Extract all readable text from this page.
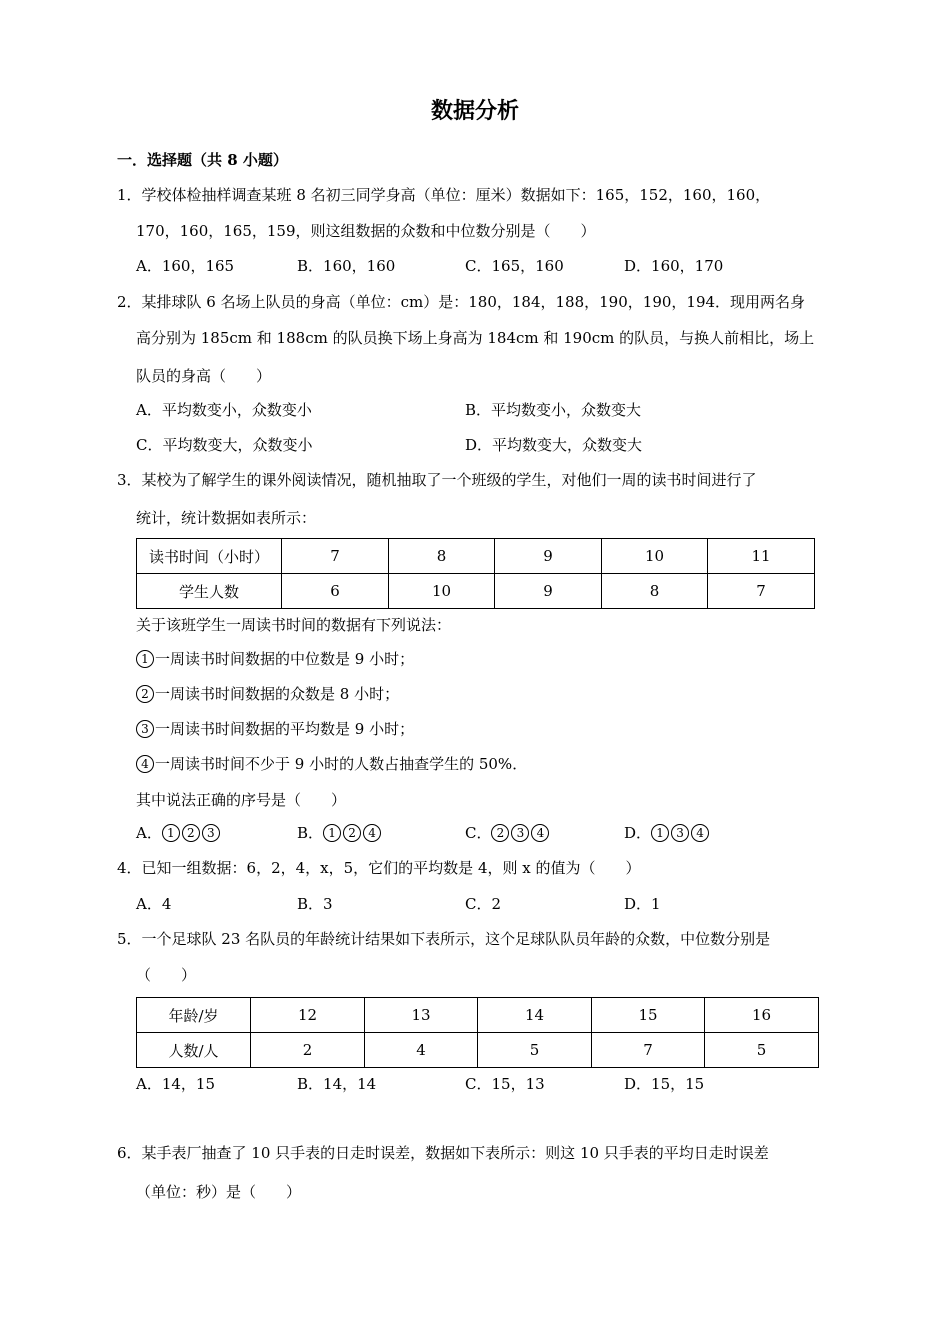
数据分析
一．选择题（共 8 小题）
1．学校体检抽样调查某班 8 名初三同学身高（单位：厘米）数据如下：165，152，160，160，
170，160，165，159，则这组数据的众数和中位数分别是（　　）
A．160，165	B．160，160	C．165，160	D．160，170
2．某排球队 6 名场上队员的身高（单位：cm）是：180，184，188，190，190，194．现用两名身
高分别为 185cm 和 188cm 的队员换下场上身高为 184cm 和 190cm 的队员，与换人前相比，场上
队员的身高（　　）
A．平均数变小，众数变小	B．平均数变小，众数变大
C．平均数变大，众数变小	D．平均数变大，众数变大
3．某校为了解学生的课外阅读情况，随机抽取了一个班级的学生，对他们一周的读书时间进行了
统计，统计数据如表所示：
读书时间（小时）	7	8	9	10	11
学生人数	6	10	9	8	7
关于该班学生一周读书时间的数据有下列说法：
1 一周读书时间数据的中位数是 9 小时；
2 一周读书时间数据的众数是 8 小时；
3 一周读书时间数据的平均数是 9 小时；
4 一周读书时间不少于 9 小时的人数占抽查学生的 50%．
其中说法正确的序号是（　　）
A． 1 2 3	B． 1 2 4	C． 2 3 4	D． 1 3 4
4．已知一组数据：6，2，4，x，5，它们的平均数是 4，则 x 的值为（　　）
A．4	B．3	C．2	D．1
5．一个足球队 23 名队员的年龄统计结果如下表所示，这个足球队队员年龄的众数，中位数分别是
（　　）
年龄/岁	12	13	14	15	16
人数/人	2	4	5	7	5
A．14，15	B．14，14	C．15，13	D．15，15
6．某手表厂抽查了 10 只手表的日走时误差，数据如下表所示：则这 10 只手表的平均日走时误差
（单位：秒）是（　　）
